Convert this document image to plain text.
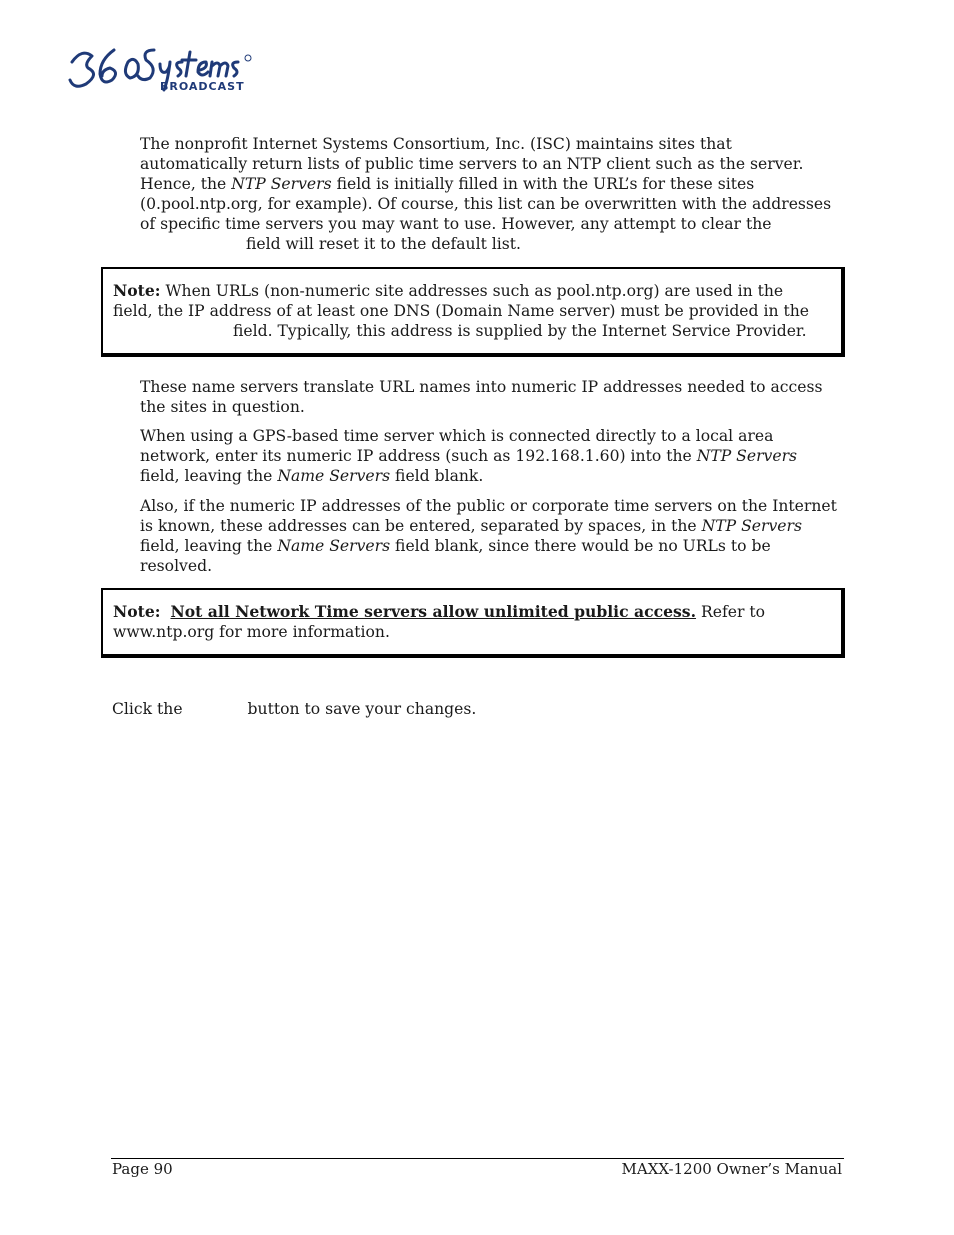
BROADCAST

The nonprofit Internet Systems Consortium, Inc. (ISC) maintains sites that automatically return lists of public time servers to an NTP client such as the server. Hence, the NTP Servers field is initially filled in with the URL’s for these sites (0.pool.ntp.org, for example). Of course, this list can be overwritten with the addresses of specific time servers you may want to use. However, any attempt to clear the field will reset it to the default list.

Note: When URLs (non-numeric site addresses such as pool.ntp.org) are used in the
field, the IP address of at least one DNS (Domain Name server) must be provided in the
field. Typically, this address is supplied by the Internet Service Provider.

These name servers translate URL names into numeric IP addresses needed to access the sites in question.

When using a GPS-based time server which is connected directly to a local area network, enter its numeric IP address (such as 192.168.1.60) into the NTP Servers field, leaving the Name Servers field blank.

Also, if the numeric IP addresses of the public or corporate time servers on the Internet is known, these addresses can be entered, separated by spaces, in the NTP Servers field, leaving the Name Servers field blank, since there would be no URLs to be resolved.

Note: Not all Network Time servers allow unlimited public access. Refer to www.ntp.org for more information.

Click the	button to save your changes.

Page 90	MAXX-1200 Owner’s Manual
